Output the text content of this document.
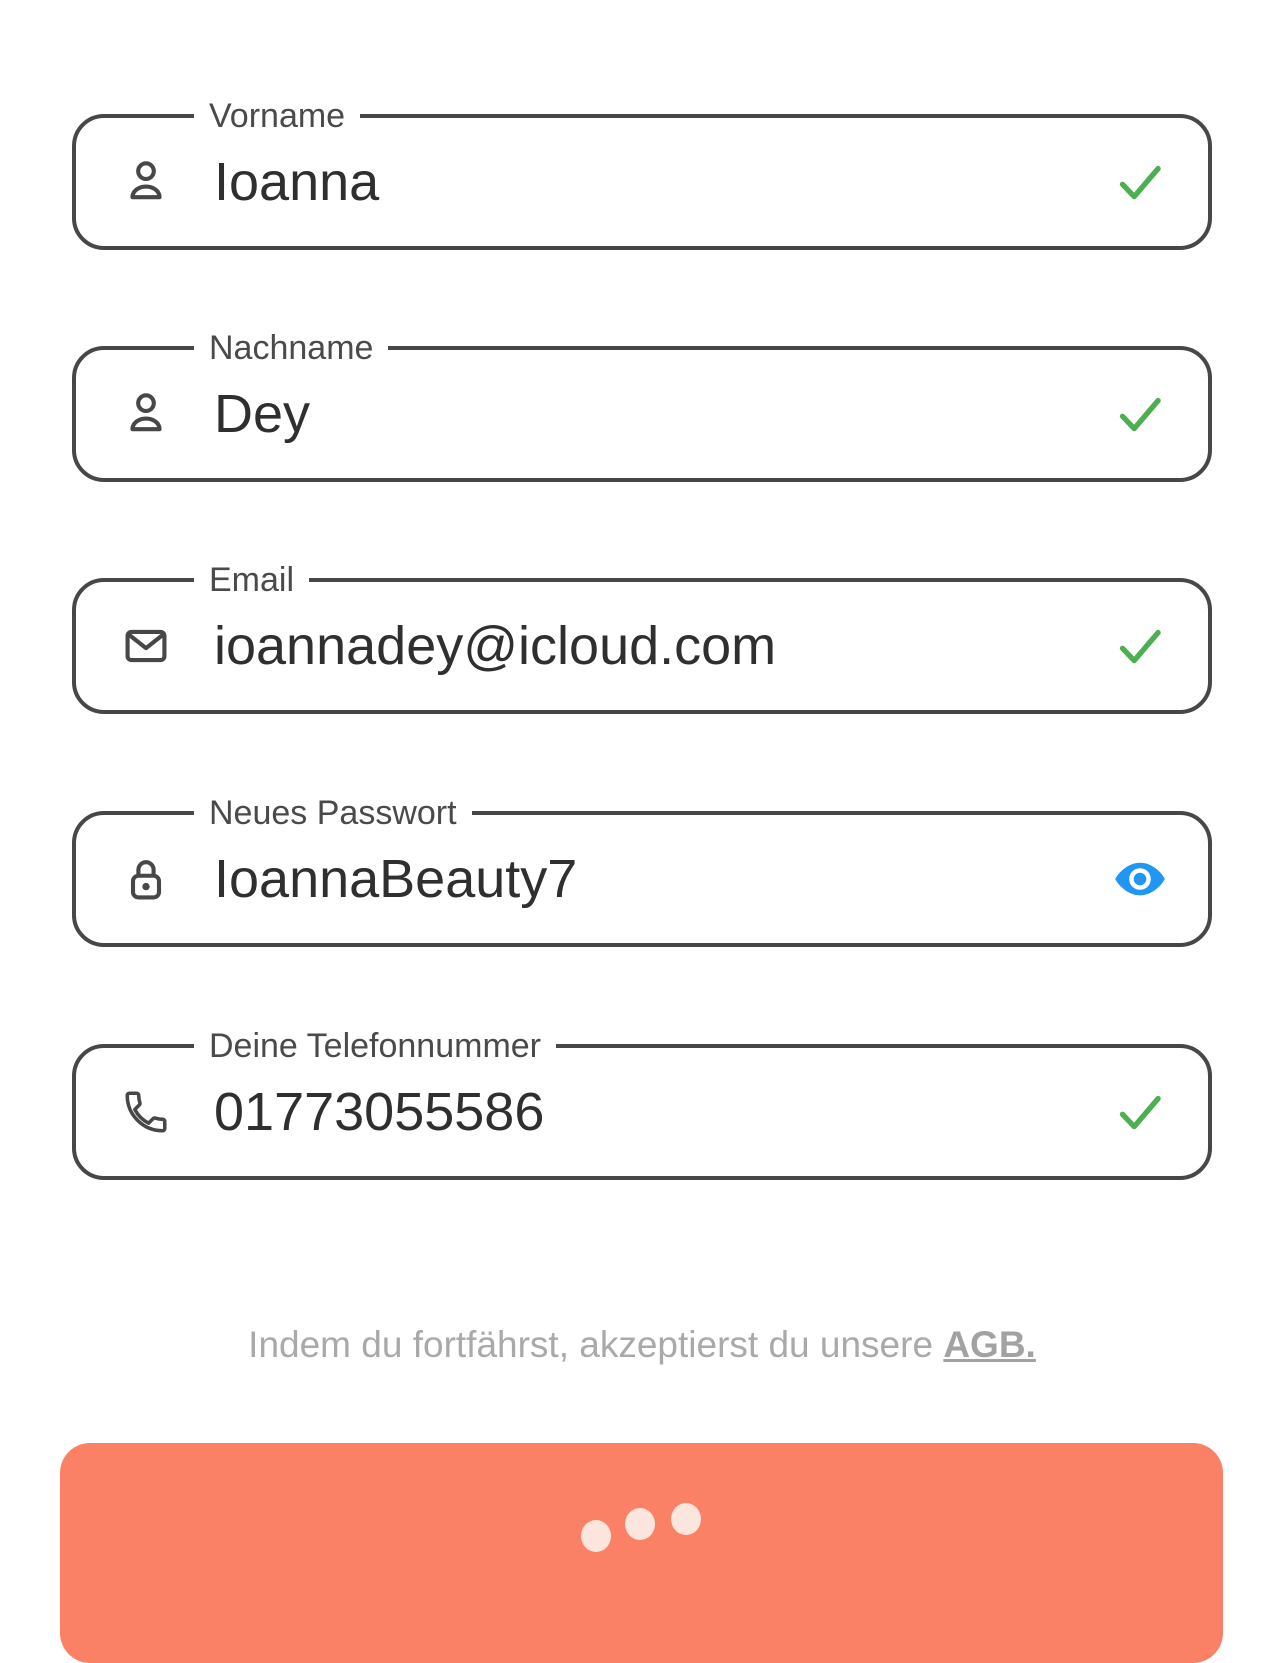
Vorname
Ioanna
Nachname
Dey
Email
ioannadey@icloud.com
Neues Passwort
IoannaBeauty7
Deine Telefonnummer
01773055586
Indem du fortfährst, akzeptierst du unsere AGB.
